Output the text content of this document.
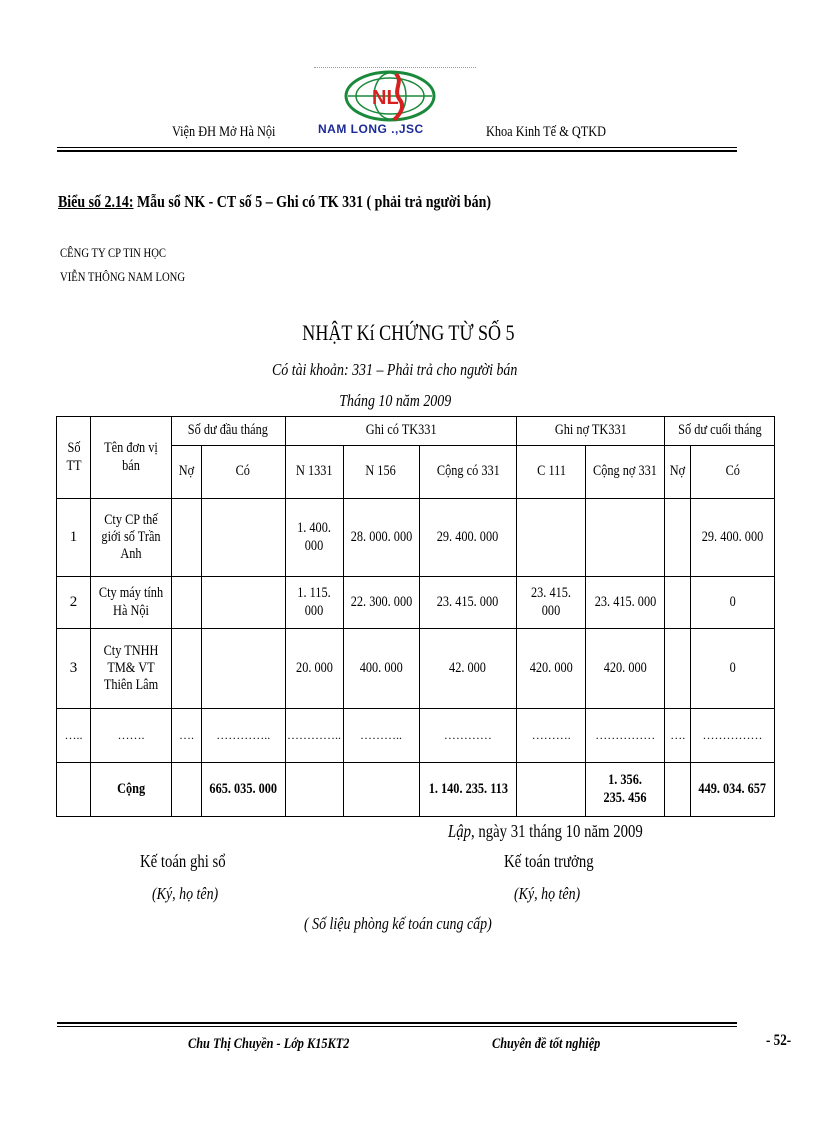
NL
Viện ĐH Mở Hà Nội	NAM LONG .,JSC	Khoa Kinh Tế & QTKD
Biểu số 2.14: Mẫu sổ NK - CT số 5 – Ghi có TK 331 ( phải trả người bán)
CÊNG TY CP TIN HỌC
VIỄN THÔNG NAM LONG
NHẬT Kí CHỨNG TỪ SỐ 5
Có tài khoản: 331 – Phải trả cho người bán
Tháng 10 năm 2009
Số TT	Tên đơn vị bán	Số dư đầu tháng		Ghi có TK331			Ghi nợ TK331		Số dư cuối tháng	
		Nợ	Có	N 1331	N 156	Cộng có 331	C 111	Cộng nợ 331	Nợ	Có
1	Cty CP thế giới số Trần Anh			1. 400. 000	28. 000. 000	29. 400. 000				29. 400. 000
2	Cty máy tính Hà Nội			1. 115. 000	22. 300. 000	23. 415. 000	23. 415. 000	23. 415. 000		0
3	Cty TNHH TM& VT Thiên Lâm			20. 000	400. 000	42. 000	420. 000	420. 000		0
…..	…….	….	…………..	…………..	………..	…………	……….	……………	….	……………
	Cộng		665. 035. 000			1. 140. 235. 113		1. 356. 235. 456		449. 034. 657
Lập, ngày 31 tháng 10 năm 2009
Kế toán ghi sổ	Kế toán trưởng
(Ký, họ tên)	(Ký, họ tên)
( Số liệu phòng kế toán cung cấp)
Chu Thị Chuyền - Lớp K15KT2	Chuyên đề tốt nghiệp	- 52-
